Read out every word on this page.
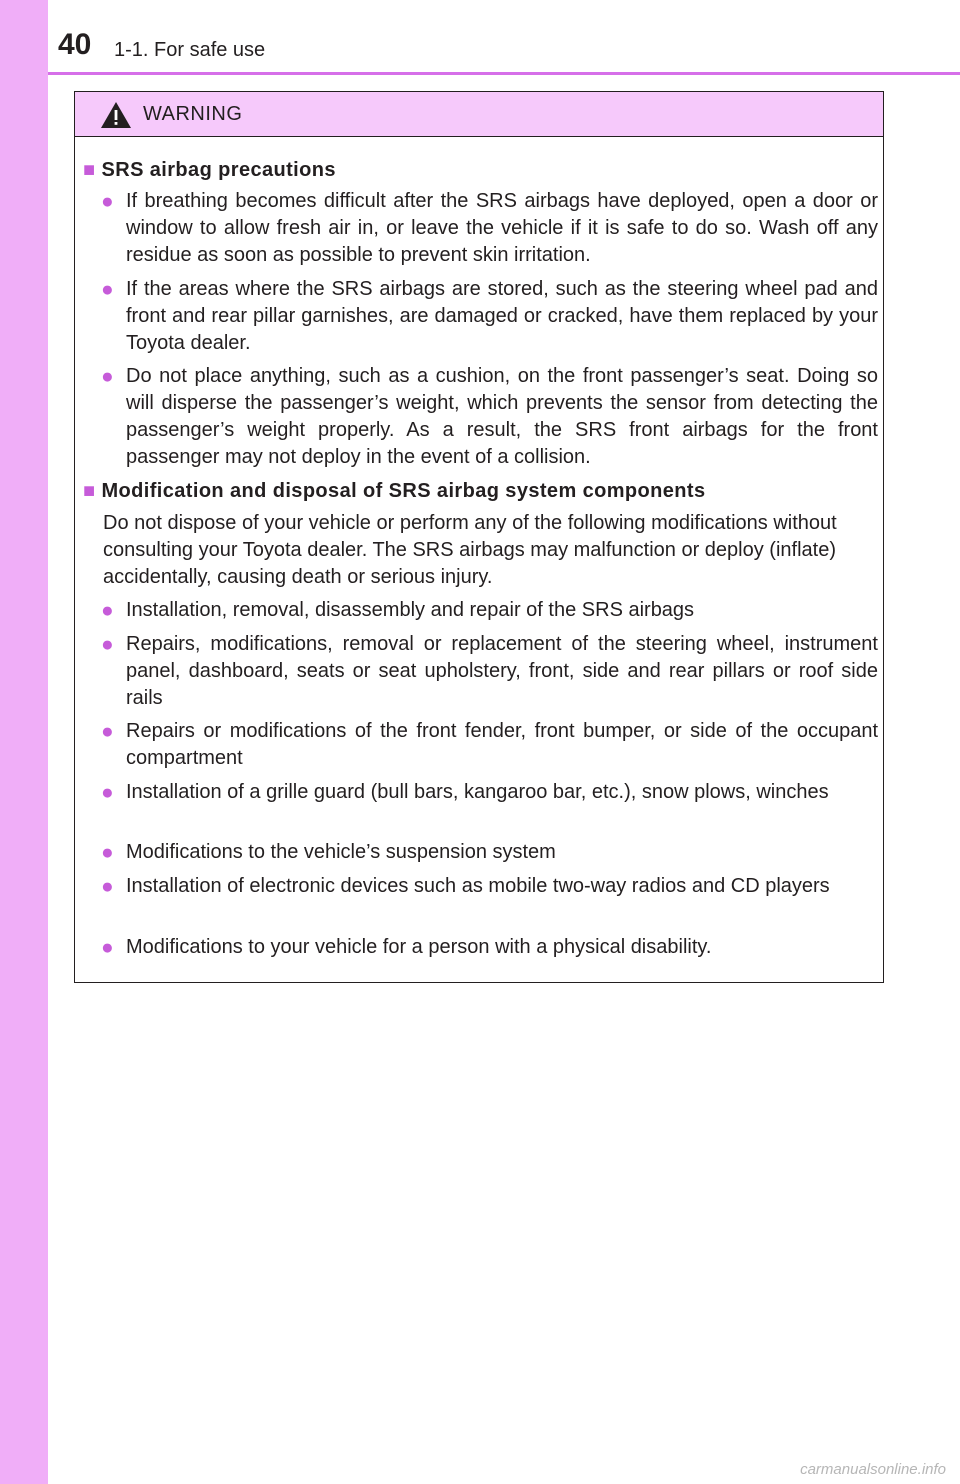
40 1-1. For safe use
WARNING
■ SRS airbag precautions
● If breathing becomes difficult after the SRS airbags have deployed, open a door or window to allow fresh air in, or leave the vehicle if it is safe to do so. Wash off any residue as soon as possible to prevent skin irritation.
● If the areas where the SRS airbags are stored, such as the steering wheel pad and front and rear pillar garnishes, are damaged or cracked, have them replaced by your Toyota dealer.
● Do not place anything, such as a cushion, on the front passenger’s seat. Doing so will disperse the passenger’s weight, which prevents the sensor from detecting the passenger’s weight properly. As a result, the SRS front airbags for the front passenger may not deploy in the event of a collision.
■ Modification and disposal of SRS airbag system components
Do not dispose of your vehicle or perform any of the following modifications without consulting your Toyota dealer. The SRS airbags may malfunction or deploy (inflate) accidentally, causing death or serious injury.
● Installation, removal, disassembly and repair of the SRS airbags
● Repairs, modifications, removal or replacement of the steering wheel, instrument panel, dashboard, seats or seat upholstery, front, side and rear pillars or roof side rails
● Repairs or modifications of the front fender, front bumper, or side of the occupant compartment
● Installation of a grille guard (bull bars, kangaroo bar, etc.), snow plows, winches
● Modifications to the vehicle’s suspension system
● Installation of electronic devices such as mobile two-way radios and CD players
● Modifications to your vehicle for a person with a physical disability.
carmanualsonline.info
